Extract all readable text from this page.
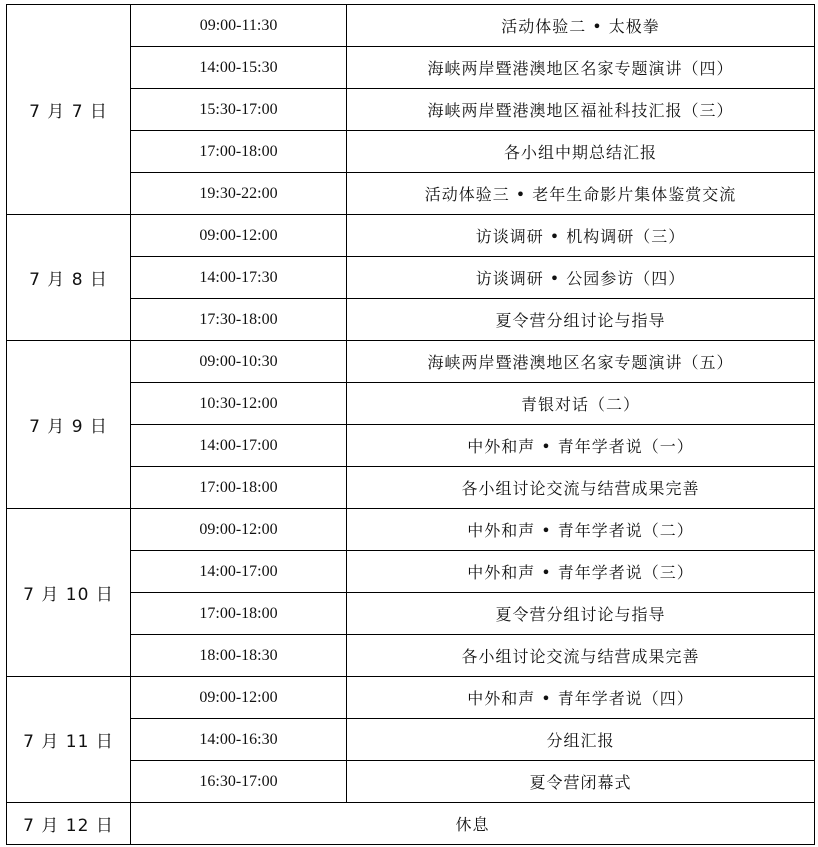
7 月 7 日	09:00-11:30	活动体验二 • 太极拳
	14:00-15:30	海峡两岸暨港澳地区名家专题演讲（四）
	15:30-17:00	海峡两岸暨港澳地区福祉科技汇报（三）
	17:00-18:00	各小组中期总结汇报
	19:30-22:00	活动体验三 • 老年生命影片集体鉴赏交流
7 月 8 日	09:00-12:00	访谈调研 • 机构调研（三）
	14:00-17:30	访谈调研 • 公园参访（四）
	17:30-18:00	夏令营分组讨论与指导
7 月 9 日	09:00-10:30	海峡两岸暨港澳地区名家专题演讲（五）
	10:30-12:00	青银对话（二）
	14:00-17:00	中外和声 • 青年学者说（一）
	17:00-18:00	各小组讨论交流与结营成果完善
7 月 10 日	09:00-12:00	中外和声 • 青年学者说（二）
	14:00-17:00	中外和声 • 青年学者说（三）
	17:00-18:00	夏令营分组讨论与指导
	18:00-18:30	各小组讨论交流与结营成果完善
7 月 11 日	09:00-12:00	中外和声 • 青年学者说（四）
	14:00-16:30	分组汇报
	16:30-17:00	夏令营闭幕式
7 月 12 日	休息	
